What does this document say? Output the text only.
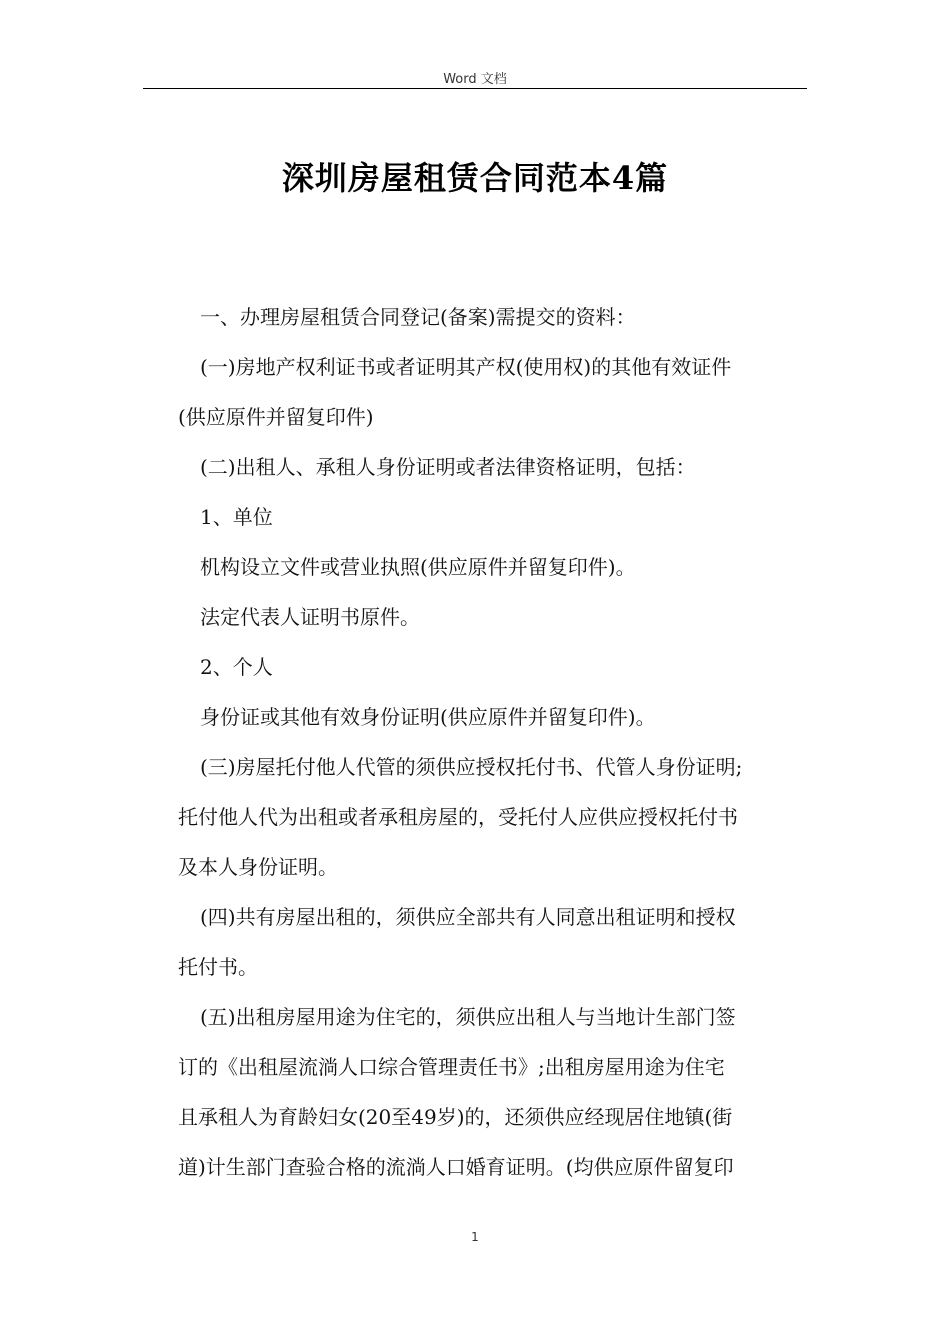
Word 文档
深圳房屋租赁合同范本4篇
一、办理房屋租赁合同登记(备案)需提交的资料：
(一)房地产权利证书或者证明其产权(使用权)的其他有效证件
(供应原件并留复印件)
(二)出租人、承租人身份证明或者法律资格证明，包括：
1、单位
机构设立文件或营业执照(供应原件并留复印件)。
法定代表人证明书原件。
2、个人
身份证或其他有效身份证明(供应原件并留复印件)。
(三)房屋托付他人代管的须供应授权托付书、代管人身份证明;
托付他人代为出租或者承租房屋的，受托付人应供应授权托付书
及本人身份证明。
(四)共有房屋出租的，须供应全部共有人同意出租证明和授权
托付书。
(五)出租房屋用途为住宅的，须供应出租人与当地计生部门签
订的《出租屋流淌人口综合管理责任书》;出租房屋用途为住宅
且承租人为育龄妇女(20至49岁)的，还须供应经现居住地镇(街
道)计生部门查验合格的流淌人口婚育证明。(均供应原件留复印
1
